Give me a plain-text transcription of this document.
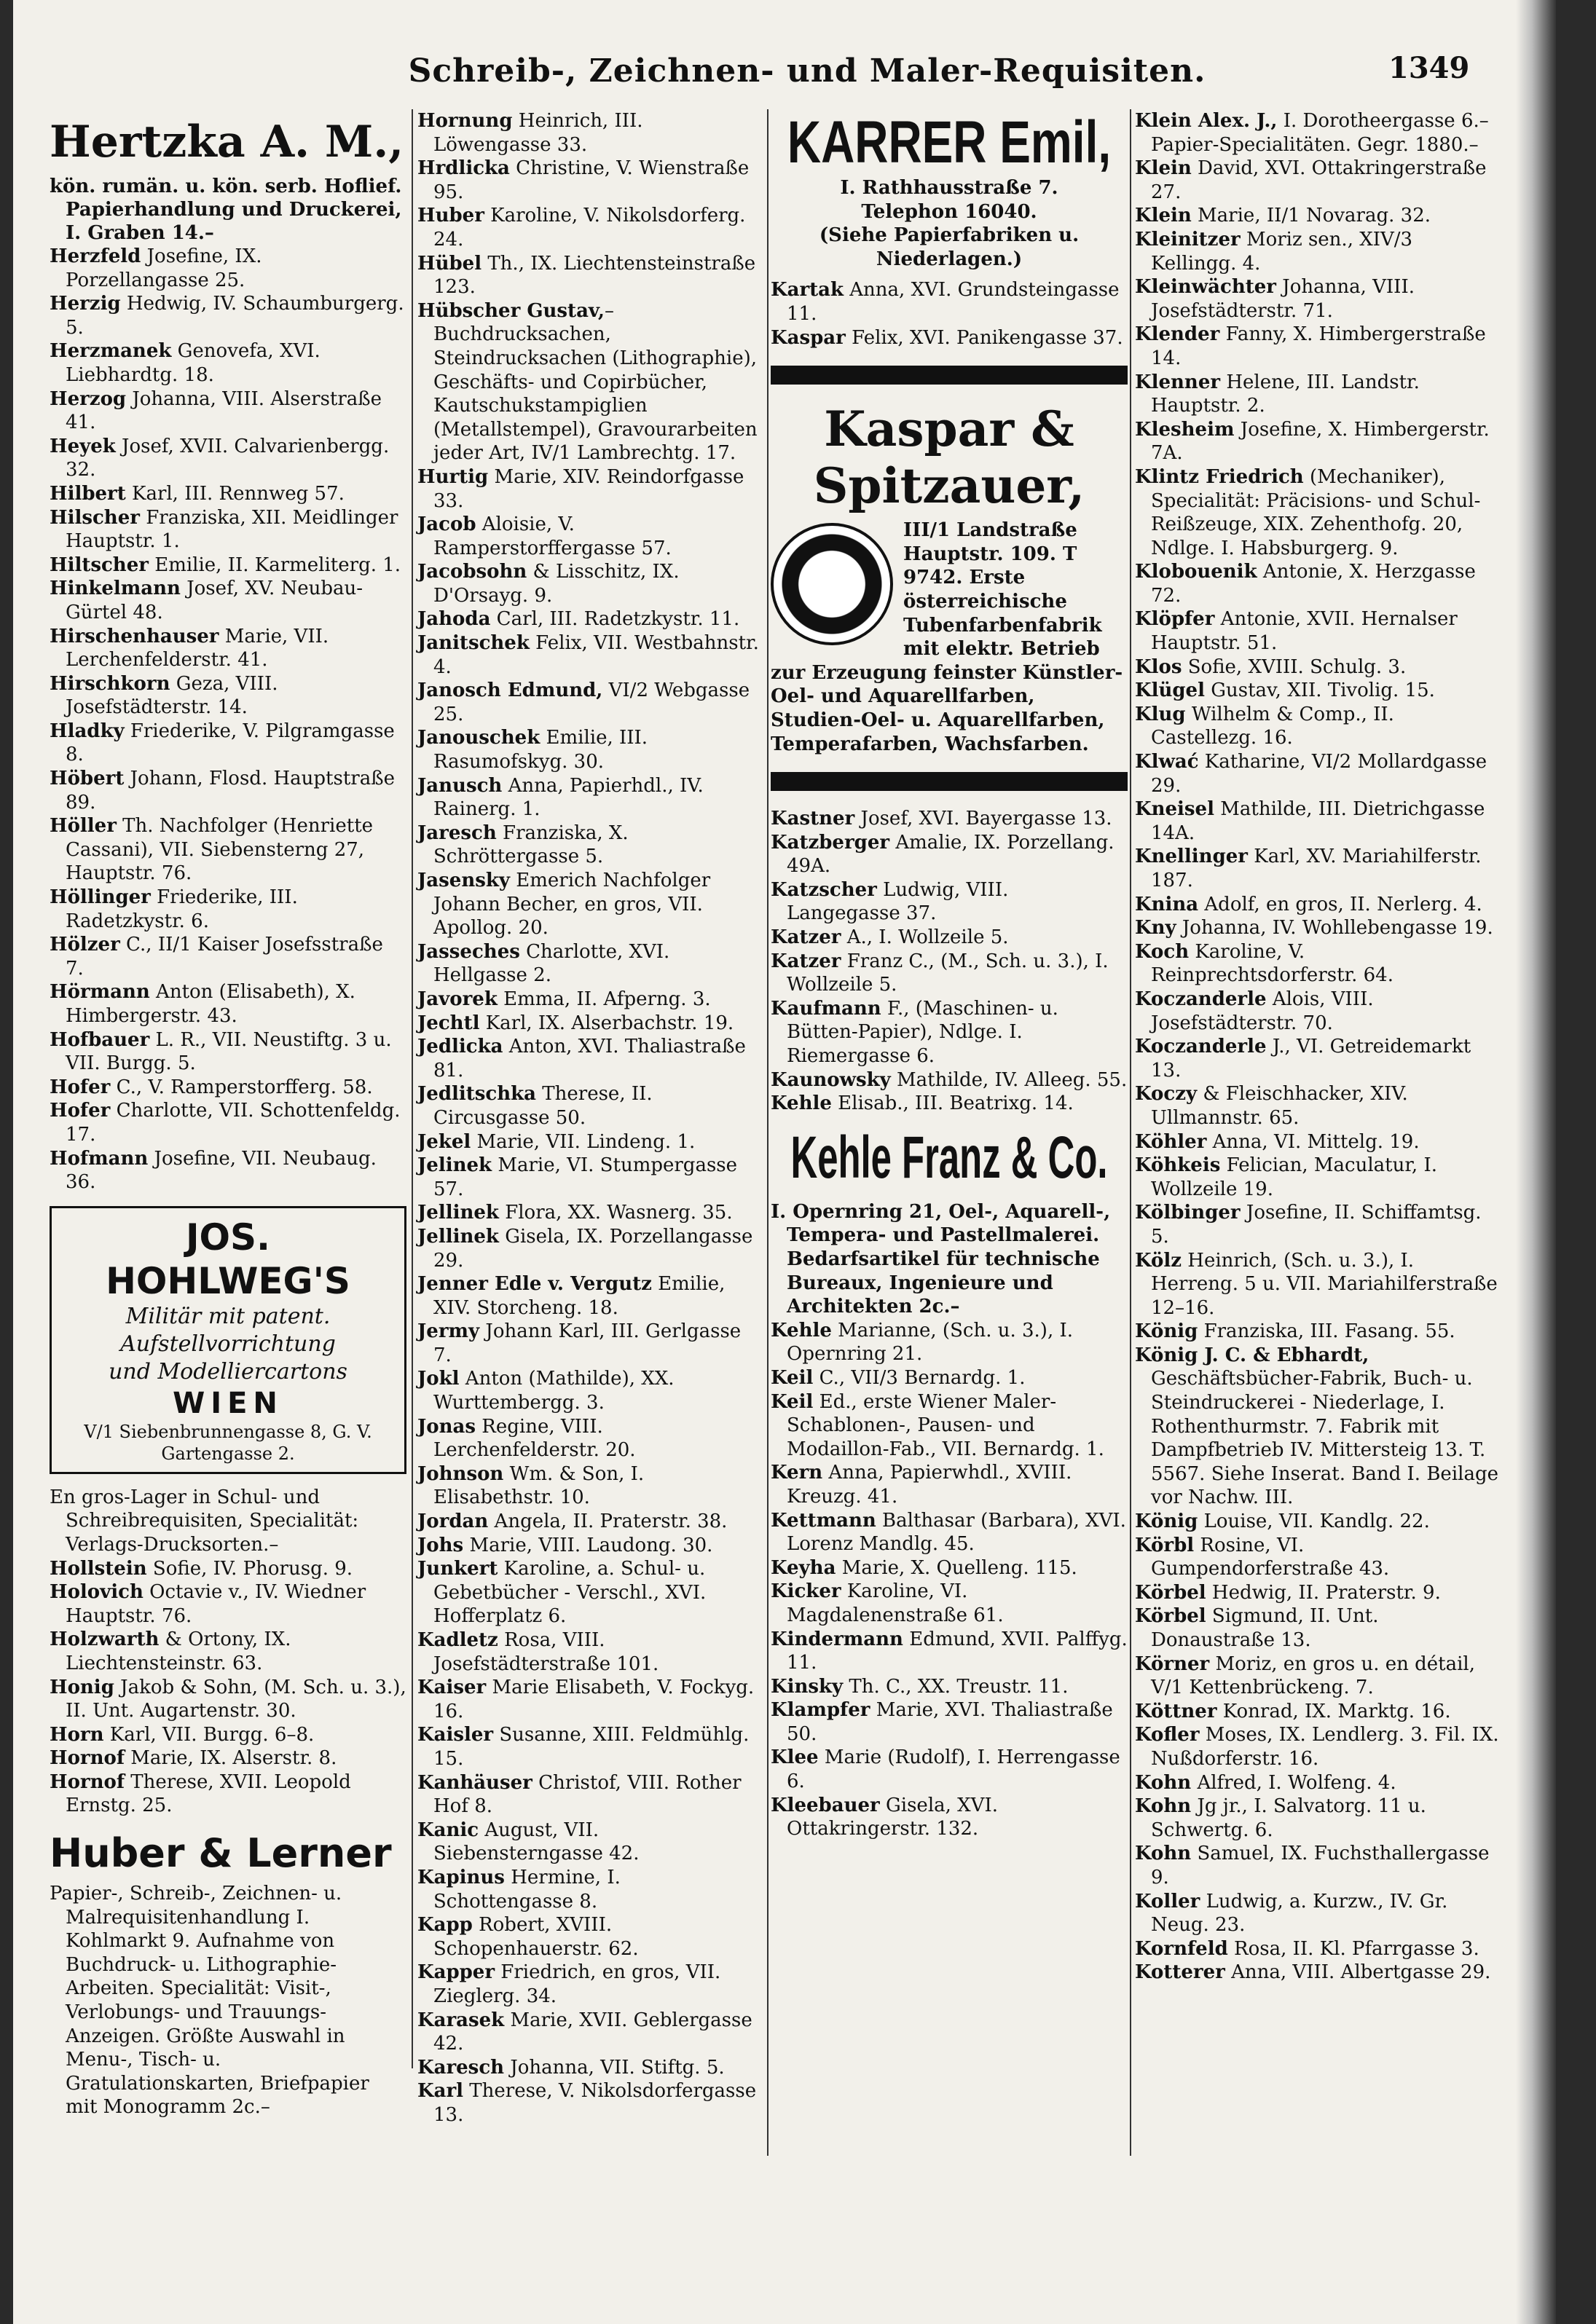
Schreib-, Zeichnen- und Maler-Requisiten.	1349
Hertzka A. M.,

kön. rumän. u. kön. serb. Hoflief. Papierhandlung und Druckerei, I. Graben 14.–

Herzfeld Josefine, IX. Porzellangasse 25.

Herzig Hedwig, IV. Schaumburgerg. 5.

Herzmanek Genovefa, XVI. Liebhardtg. 18.

Herzog Johanna, VIII. Alserstraße 41.

Heyek Josef, XVII. Calvarienbergg. 32.

Hilbert Karl, III. Rennweg 57.

Hilscher Franziska, XII. Meidlinger Hauptstr. 1.

Hiltscher Emilie, II. Karmeliterg. 1.

Hinkelmann Josef, XV. Neubau-Gürtel 48.

Hirschenhauser Marie, VII. Lerchenfelderstr. 41.

Hirschkorn Geza, VIII. Josefstädterstr. 14.

Hladky Friederike, V. Pilgramgasse 8.

Höbert Johann, Flosd. Hauptstraße 89.

Höller Th. Nachfolger (Henriette Cassani), VII. Siebensterng 27, Hauptstr. 76.

Höllinger Friederike, III. Radetzkystr. 6.

Hölzer C., II/1 Kaiser Josefsstraße 7.

Hörmann Anton (Elisabeth), X. Himbergerstr. 43.

Hofbauer L. R., VII. Neustiftg. 3 u. VII. Burgg. 5.

Hofer C., V. Ramperstorfferg. 58.

Hofer Charlotte, VII. Schottenfeldg. 17.

Hofmann Josefine, VII. Neubaug. 36.

JOS. HOHLWEG'S
Militär mit patent. Aufstellvorrichtung
und Modelliercartons
WIEN
V/1 Siebenbrunnengasse 8, G. V. Gartengasse 2.

En gros-Lager in Schul- und Schreibrequisiten, Specialität: Verlags-Drucksorten.–

Hollstein Sofie, IV. Phorusg. 9.

Holovich Octavie v., IV. Wiedner Hauptstr. 76.

Holzwarth & Ortony, IX. Liechtensteinstr. 63.

Honig Jakob & Sohn, (M. Sch. u. 3.), II. Unt. Augartenstr. 30.

Horn Karl, VII. Burgg. 6–8.

Hornof Marie, IX. Alserstr. 8.

Hornof Therese, XVII. Leopold Ernstg. 25.

Huber & Lerner

Papier-, Schreib-, Zeichnen- u. Malrequisitenhandlung I. Kohlmarkt 9. Aufnahme von Buchdruck- u. Lithographie-Arbeiten. Specialität: Visit-, Verlobungs- und Trauungs-Anzeigen. Größte Auswahl in Menu-, Tisch- u. Gratulationskarten, Briefpapier mit Monogramm 2c.–

Hornung Heinrich, III. Löwengasse 33.

Hrdlicka Christine, V. Wienstraße 95.

Huber Karoline, V. Nikolsdorferg. 24.

Hübel Th., IX. Liechtensteinstraße 123.

Hübscher Gustav,–Buchdrucksachen, Steindrucksachen (Lithographie), Geschäfts- und Copirbücher, Kautschukstampiglien (Metallstempel), Gravourarbeiten jeder Art, IV/1 Lambrechtg. 17.

Hurtig Marie, XIV. Reindorfgasse 33.

Jacob Aloisie, V. Ramperstorffergasse 57.

Jacobsohn & Lisschitz, IX. D'Orsayg. 9.

Jahoda Carl, III. Radetzkystr. 11.

Janitschek Felix, VII. Westbahnstr. 4.

Janosch Edmund, VI/2 Webgasse 25.

Janouschek Emilie, III. Rasumofskyg. 30.

Janusch Anna, Papierhdl., IV. Rainerg. 1.

Jaresch Franziska, X. Schröttergasse 5.

Jasensky Emerich Nachfolger Johann Becher, en gros, VII. Apollog. 20.

Jasseches Charlotte, XVI. Hellgasse 2.

Javorek Emma, II. Afperng. 3.

Jechtl Karl, IX. Alserbachstr. 19.

Jedlicka Anton, XVI. Thaliastraße 81.

Jedlitschka Therese, II. Circusgasse 50.

Jekel Marie, VII. Lindeng. 1.

Jelinek Marie, VI. Stumpergasse 57.

Jellinek Flora, XX. Wasnerg. 35.

Jellinek Gisela, IX. Porzellangasse 29.

Jenner Edle v. Vergutz Emilie, XIV. Storcheng. 18.

Jermy Johann Karl, III. Gerlgasse 7.

Jokl Anton (Mathilde), XX. Wurttembergg. 3.

Jonas Regine, VIII. Lerchenfelderstr. 20.

Johnson Wm. & Son, I. Elisabethstr. 10.

Jordan Angela, II. Praterstr. 38.

Johs Marie, VIII. Laudong. 30.

Junkert Karoline, a. Schul- u. Gebetbücher - Verschl., XVI. Hofferplatz 6.

Kadletz Rosa, VIII. Josefstädterstraße 101.

Kaiser Marie Elisabeth, V. Fockyg. 16.

Kaisler Susanne, XIII. Feldmühlg. 15.

Kanhäuser Christof, VIII. Rother Hof 8.

Kanic August, VII. Siebensterngasse 42.

Kapinus Hermine, I. Schottengasse 8.

Kapp Robert, XVIII. Schopenhauerstr. 62.

Kapper Friedrich, en gros, VII. Zieglerg. 34.

Karasek Marie, XVII. Geblergasse 42.

Karesch Johanna, VII. Stiftg. 5.

Karl Therese, V. Nikolsdorfergasse 13.

KARRER Emil,
I. Rathhausstraße 7.
Telephon 16040.
(Siehe Papierfabriken u. Niederlagen.)

Kartak Anna, XVI. Grundsteingasse 11.

Kaspar Felix, XVI. Panikengasse 37.

Kaspar & Spitzauer,

III/1 Landstraße Hauptstr. 109. T 9742. Erste österreichische Tubenfarbenfabrik mit elektr. Betrieb zur Erzeugung feinster Künstler-Oel- und Aquarellfarben, Studien-Oel- u. Aquarellfarben, Temperafarben, Wachsfarben.

Kastner Josef, XVI. Bayergasse 13.

Katzberger Amalie, IX. Porzellang. 49A.

Katzscher Ludwig, VIII. Langegasse 37.

Katzer A., I. Wollzeile 5.

Katzer Franz C., (M., Sch. u. 3.), I. Wollzeile 5.

Kaufmann F., (Maschinen- u. Bütten-Papier), Ndlge. I. Riemergasse 6.

Kaunowsky Mathilde, IV. Alleeg. 55.

Kehle Elisab., III. Beatrixg. 14.

Kehle Franz & Co.

I. Opernring 21, Oel-, Aquarell-, Tempera- und Pastellmalerei. Bedarfsartikel für technische Bureaux, Ingenieure und Architekten 2c.–

Kehle Marianne, (Sch. u. 3.), I. Opernring 21.

Keil C., VII/3 Bernardg. 1.

Keil Ed., erste Wiener Maler-Schablonen-, Pausen- und Modaillon-Fab., VII. Bernardg. 1.

Kern Anna, Papierwhdl., XVIII. Kreuzg. 41.

Kettmann Balthasar (Barbara), XVI. Lorenz Mandlg. 45.

Keyha Marie, X. Quelleng. 115.

Kicker Karoline, VI. Magdalenenstraße 61.

Kindermann Edmund, XVII. Palffyg. 11.

Kinsky Th. C., XX. Treustr. 11.

Klampfer Marie, XVI. Thaliastraße 50.

Klee Marie (Rudolf), I. Herrengasse 6.

Kleebauer Gisela, XVI. Ottakringerstr. 132.

Klein Alex. J., I. Dorotheergasse 6.– Papier-Specialitäten. Gegr. 1880.–

Klein David, XVI. Ottakringerstraße 27.

Klein Marie, II/1 Novarag. 32.

Kleinitzer Moriz sen., XIV/3 Kellingg. 4.

Kleinwächter Johanna, VIII. Josefstädterstr. 71.

Klender Fanny, X. Himbergerstraße 14.

Klenner Helene, III. Landstr. Hauptstr. 2.

Klesheim Josefine, X. Himbergerstr. 7A.

Klintz Friedrich (Mechaniker), Specialität: Präcisions- und Schul-Reißzeuge, XIX. Zehenthofg. 20, Ndlge. I. Habsburgerg. 9.

Klobouenik Antonie, X. Herzgasse 72.

Klöpfer Antonie, XVII. Hernalser Hauptstr. 51.

Klos Sofie, XVIII. Schulg. 3.

Klügel Gustav, XII. Tivolig. 15.

Klug Wilhelm & Comp., II. Castellezg. 16.

Klwać Katharine, VI/2 Mollardgasse 29.

Kneisel Mathilde, III. Dietrichgasse 14A.

Knellinger Karl, XV. Mariahilferstr. 187.

Knina Adolf, en gros, II. Nerlerg. 4.

Kny Johanna, IV. Wohllebengasse 19.

Koch Karoline, V. Reinprechtsdorferstr. 64.

Koczanderle Alois, VIII. Josefstädterstr. 70.

Koczanderle J., VI. Getreidemarkt 13.

Koczy & Fleischhacker, XIV. Ullmannstr. 65.

Köhler Anna, VI. Mittelg. 19.

Köhkeis Felician, Maculatur, I. Wollzeile 19.

Kölbinger Josefine, II. Schiffamtsg. 5.

Kölz Heinrich, (Sch. u. 3.), I. Herreng. 5 u. VII. Mariahilferstraße 12–16.

König Franziska, III. Fasang. 55.

König J. C. & Ebhardt, Geschäftsbücher-Fabrik, Buch- u. Steindruckerei - Niederlage, I. Rothenthurmstr. 7. Fabrik mit Dampfbetrieb IV. Mittersteig 13. T. 5567. Siehe Inserat. Band I. Beilage vor Nachw. III.

König Louise, VII. Kandlg. 22.

Körbl Rosine, VI. Gumpendorferstraße 43.

Körbel Hedwig, II. Praterstr. 9.

Körbel Sigmund, II. Unt. Donaustraße 13.

Körner Moriz, en gros u. en détail, V/1 Kettenbrückeng. 7.

Köttner Konrad, IX. Marktg. 16.

Kofler Moses, IX. Lendlerg. 3. Fil. IX. Nußdorferstr. 16.

Kohn Alfred, I. Wolfeng. 4.

Kohn Jg jr., I. Salvatorg. 11 u. Schwertg. 6.

Kohn Samuel, IX. Fuchsthallergasse 9.

Koller Ludwig, a. Kurzw., IV. Gr. Neug. 23.

Kornfeld Rosa, II. Kl. Pfarrgasse 3.

Kotterer Anna, VIII. Albertgasse 29.
